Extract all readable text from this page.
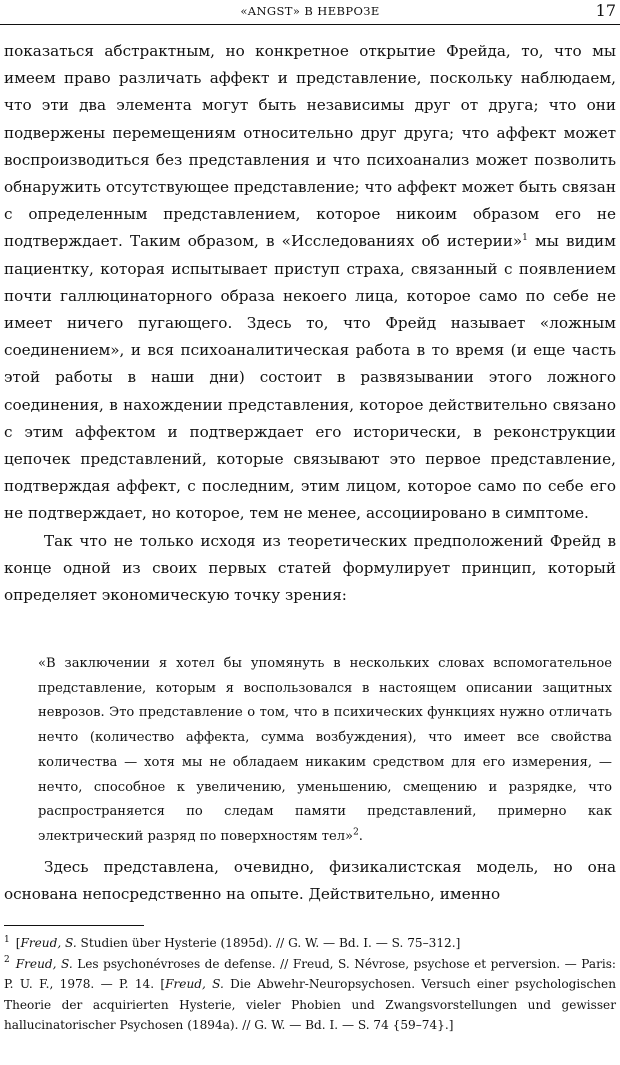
«ANGST» В НЕВРОЗЕ	17

показаться абстрактным, но конкретное открытие Фрейда, то, что мы имеем право различать аффект и представление, поскольку наблюдаем, что эти два элемента могут быть независимы друг от друга; что они подвержены перемещениям относительно друг друга; что аффект может воспроизводиться без представления и что психоанализ может позволить обнаружить отсутствующее представление; что аффект может быть связан с определенным представлением, которое никоим образом его не подтверждает. Таким образом, в «Исследованиях об истерии»$^1$ мы видим пациентку, которая испытывает приступ страха, связанный с появлением почти галлюцинаторного образа некоего лица, которое само по себе не имеет ничего пугающего. Здесь то, что Фрейд называет «ложным соединением», и вся психоаналитическая работа в то время (и еще часть этой работы в наши дни) состоит в развязывании этого ложного соединения, в нахождении представления, которое действительно связано с этим аффектом и подтверждает его исторически, в реконструкции цепочек представлений, которые связывают это первое представление, подтверждая аффект, с последним, этим лицом, которое само по себе его не подтверждает, но которое, тем не менее, ассоциировано в симптоме.

Так что не только исходя из теоретических предположений Фрейд в конце одной из своих первых статей формулирует принцип, который определяет экономическую точку зрения:

«В заключении я хотел бы упомянуть в нескольких словах вспомогательное представление, которым я воспользовался в настоящем описании защитных неврозов. Это представление о том, что в психических функциях нужно отличать нечто (количество аффекта, сумма возбуждения), что имеет все свойства количества — хотя мы не обладаем никаким средством для его измерения, — нечто, способное к увеличению, уменьшению, смещению и разрядке, что распространяется по следам памяти представлений, примерно как электрический разряд по поверхностям тел»$^2$.

Здесь представлена, очевидно, физикалистская модель, но она основана непосредственно на опыте. Действительно, именно

$^1$ [Freud, S. Studien über Hysterie (1895d). // G. W. — Bd. I. — S. 75–312.]

$^2$ Freud, S. Les psychonévroses de defense. // Freud, S. Névrose, psychose et perversion. — Paris: P. U. F., 1978. — P. 14. [Freud, S. Die Abwehr-Neuropsychosen. Versuch einer psychologischen Theorie der acquirierten Hysterie, vieler Phobien und Zwangsvorstellungen und gewisser hallucinatorischer Psychosen (1894a). // G. W. — Bd. I. — S. 74 {59–74}.]
